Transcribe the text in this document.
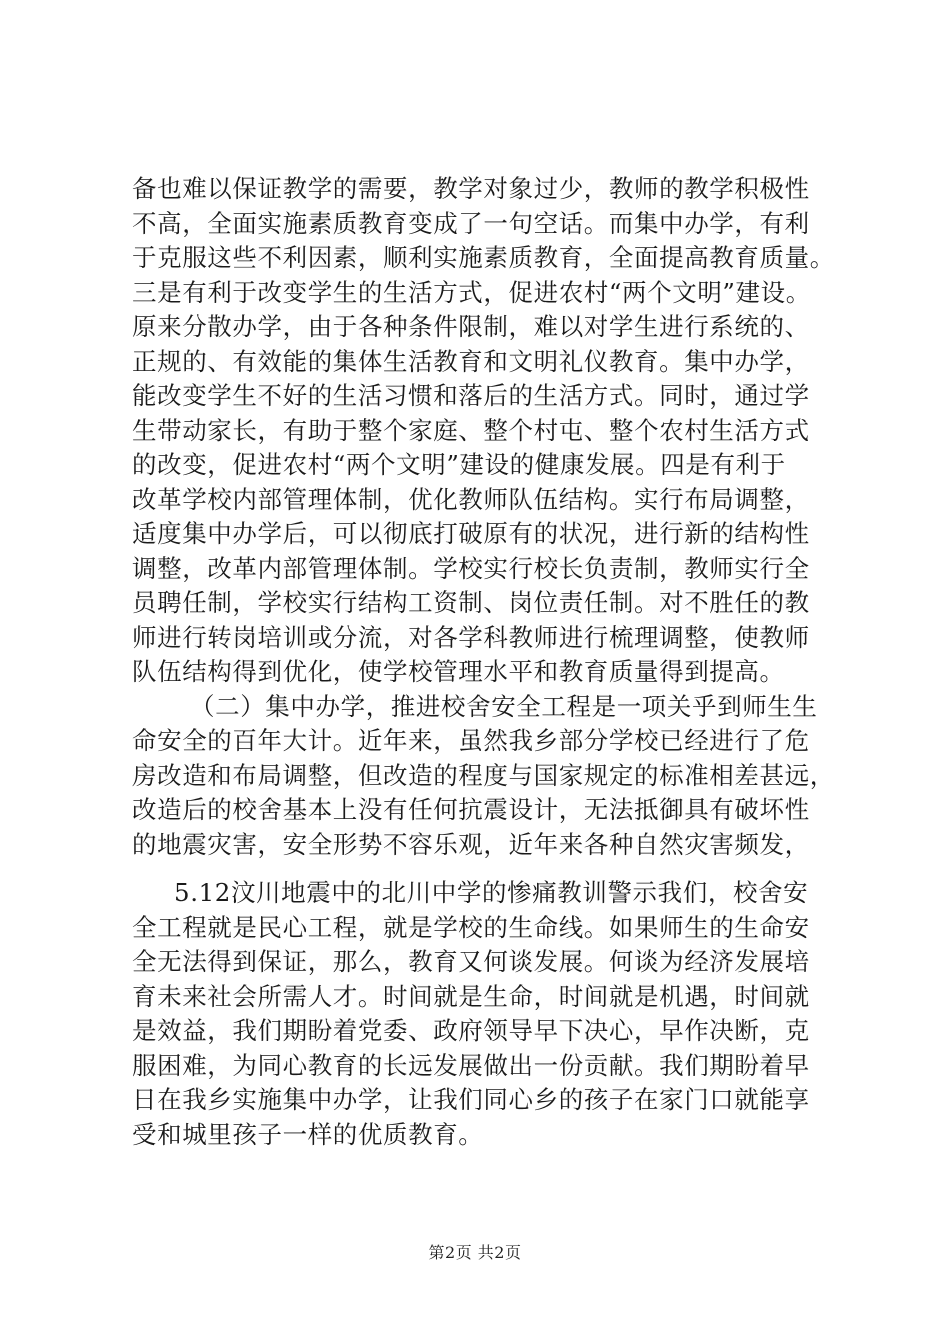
备也难以保证教学的需要，教学对象过少，教师的教学积极性
不高，全面实施素质教育变成了一句空话。而集中办学，有利
于克服这些不利因素，顺利实施素质教育，全面提高教育质量。
三是有利于改变学生的生活方式，促进农村“两个文明”建设。
原来分散办学，由于各种条件限制，难以对学生进行系统的、
正规的、有效能的集体生活教育和文明礼仪教育。集中办学，
能改变学生不好的生活习惯和落后的生活方式。同时，通过学
生带动家长，有助于整个家庭、整个村屯、整个农村生活方式
的改变，促进农村“两个文明”建设的健康发展。四是有利于
改革学校内部管理体制，优化教师队伍结构。实行布局调整，
适度集中办学后，可以彻底打破原有的状况，进行新的结构性
调整，改革内部管理体制。学校实行校长负责制，教师实行全
员聘任制，学校实行结构工资制、岗位责任制。对不胜任的教
师进行转岗培训或分流，对各学科教师进行梳理调整，使教师
队伍结构得到优化，使学校管理水平和教育质量得到提高。
（二）集中办学，推进校舍安全工程是一项关乎到师生生
命安全的百年大计。近年来，虽然我乡部分学校已经进行了危
房改造和布局调整，但改造的程度与国家规定的标准相差甚远，
改造后的校舍基本上没有任何抗震设计，无法抵御具有破坏性
的地震灾害，安全形势不容乐观，近年来各种自然灾害频发，
5.12汶川地震中的北川中学的惨痛教训警示我们，校舍安
全工程就是民心工程，就是学校的生命线。如果师生的生命安
全无法得到保证，那么，教育又何谈发展。何谈为经济发展培
育未来社会所需人才。时间就是生命，时间就是机遇，时间就
是效益，我们期盼着党委、政府领导早下决心，早作决断，克
服困难，为同心教育的长远发展做出一份贡献。我们期盼着早
日在我乡实施集中办学，让我们同心乡的孩子在家门口就能享
受和城里孩子一样的优质教育。
第2页 共2页
